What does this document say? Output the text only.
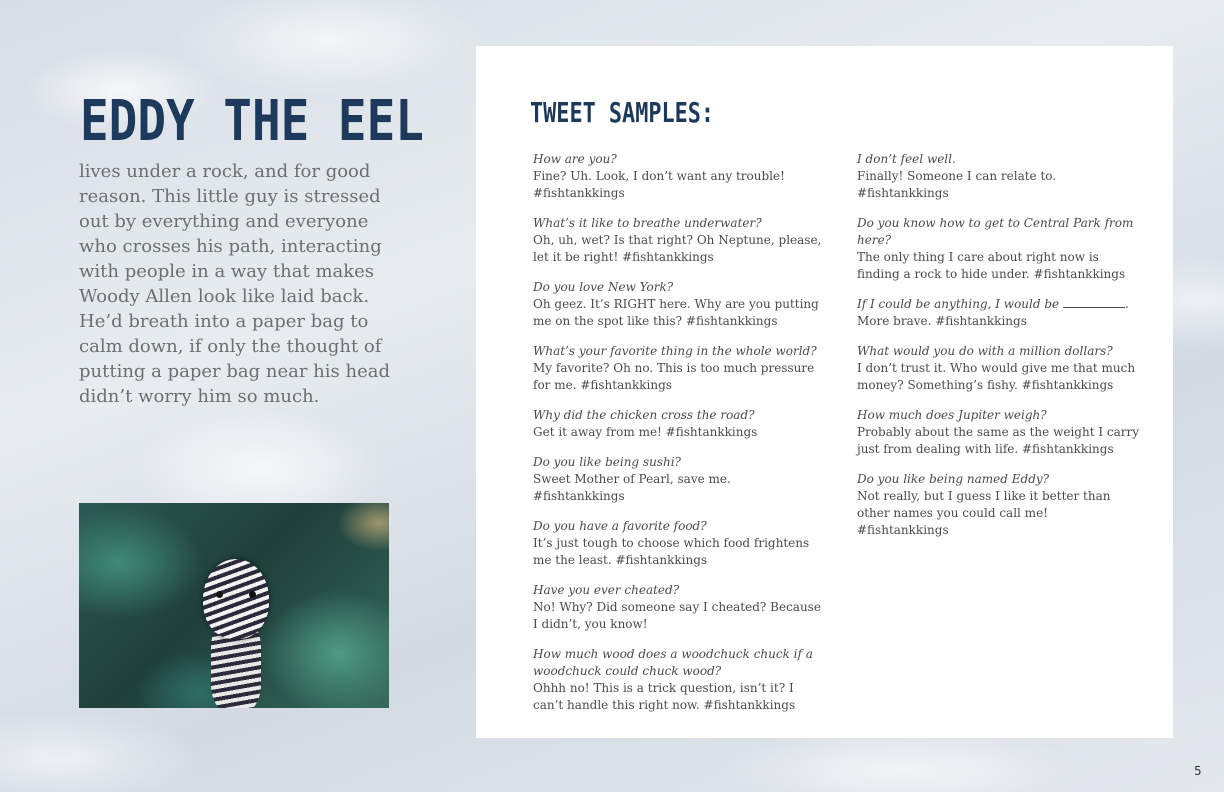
EDDY THE EEL

lives under a rock, and for good reason. This little guy is stressed out by everything and everyone who crosses his path, interacting with people in a way that makes Woody Allen look like laid back. He’d breath into a paper bag to calm down, if only the thought of putting a paper bag near his head didn’t worry him so much.

TWEET SAMPLES:
How are you?
Fine? Uh. Look, I don’t want any trouble! #fishtankkings
What’s it like to breathe underwater?
Oh, uh, wet? Is that right? Oh Neptune, please, let it be right! #fishtankkings
Do you love New York?
Oh geez. It’s RIGHT here. Why are you putting me on the spot like this? #fishtankkings
What’s your favorite thing in the whole world?
My favorite? Oh no. This is too much pressure for me. #fishtankkings
Why did the chicken cross the road?
Get it away from me! #fishtankkings
Do you like being sushi?
Sweet Mother of Pearl, save me. #fishtankkings
Do you have a favorite food?
It’s just tough to choose which food frightens me the least. #fishtankkings
Have you ever cheated?
No! Why? Did someone say I cheated? Because I didn’t, you know!
How much wood does a woodchuck chuck if a woodchuck could chuck wood?
Ohhh no! This is a trick question, isn’t it? I can’t handle this right now. #fishtankkings
I don’t feel well.
Finally! Someone I can relate to. #fishtankkings
Do you know how to get to Central Park from here?
The only thing I care about right now is finding a rock to hide under. #fishtankkings
If I could be anything, I would be	.
More brave. #fishtankkings
What would you do with a million dollars?
I don’t trust it. Who would give me that much money? Something’s fishy. #fishtankkings
How much does Jupiter weigh?
Probably about the same as the weight I carry just from dealing with life. #fishtankkings
Do you like being named Eddy?
Not really, but I guess I like it better than other names you could call me! #fishtankkings

5
